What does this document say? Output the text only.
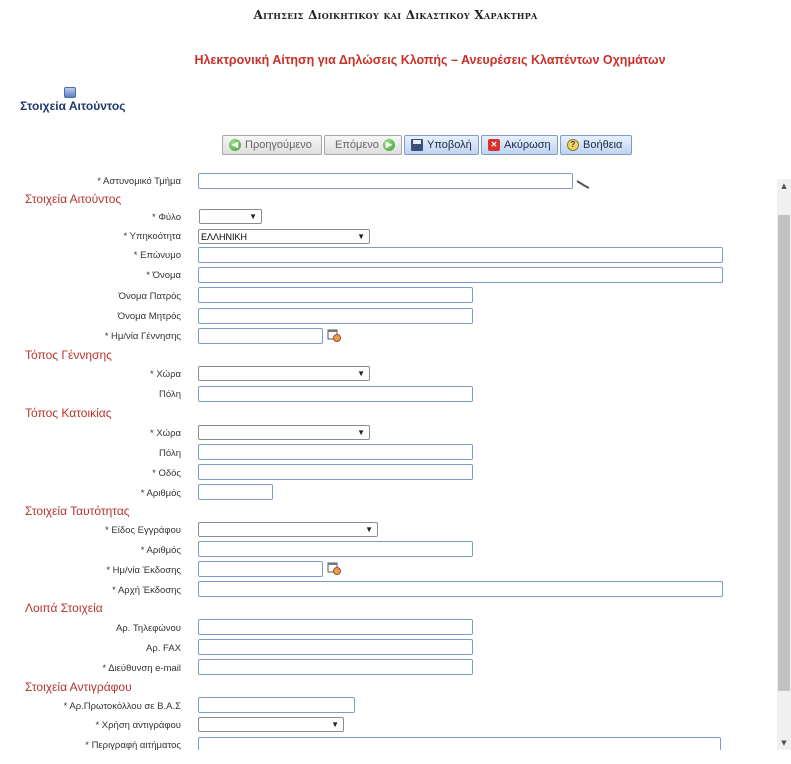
Αιτησεισ Διοικητικου και Δικαστικου Χαρακτηρα
Ηλεκτρονική Αίτηση για Δηλώσεις Κλοπής – Ανευρέσεις Κλαπέντων Οχημάτων
Στοιχεία Αιτούντος
◀ Προηγούμενο Επόμενο ▶	Υποβολή	✕ Ακύρωση	? Βοήθεια
* Αστυνομικό Τμήμα
Στοιχεία Αιτούντος
* Φύλο	▼
* Υπηκοότητα ΕΛΛΗΝΙΚΗ	▼
* Επώνυμο
* Όνομα
Όνομα Πατρός
Όνομα Μητρός
* Ημ/νία Γέννησης
Τόπος Γέννησης
* Χώρα	▼
Πόλη
Τόπος Κατοικίας
* Χώρα	▼
Πόλη
* Οδός
* Αριθμός
Στοιχεία Ταυτότητας
* Είδος Εγγράφου	▼
* Αριθμός
* Ημ/νία Έκδοσης
* Αρχή Έκδοσης
Λοιπά Στοιχεία
Αρ. Τηλεφώνου
Αρ. FAX
* Διεύθυνση e-mail
Στοιχεία Αντιγράφου
* Αρ.Πρωτοκόλλου σε Β.Α.Σ
* Χρήση αντιγράφου	▼
* Περιγραφή αιτήματος
▲
▼
